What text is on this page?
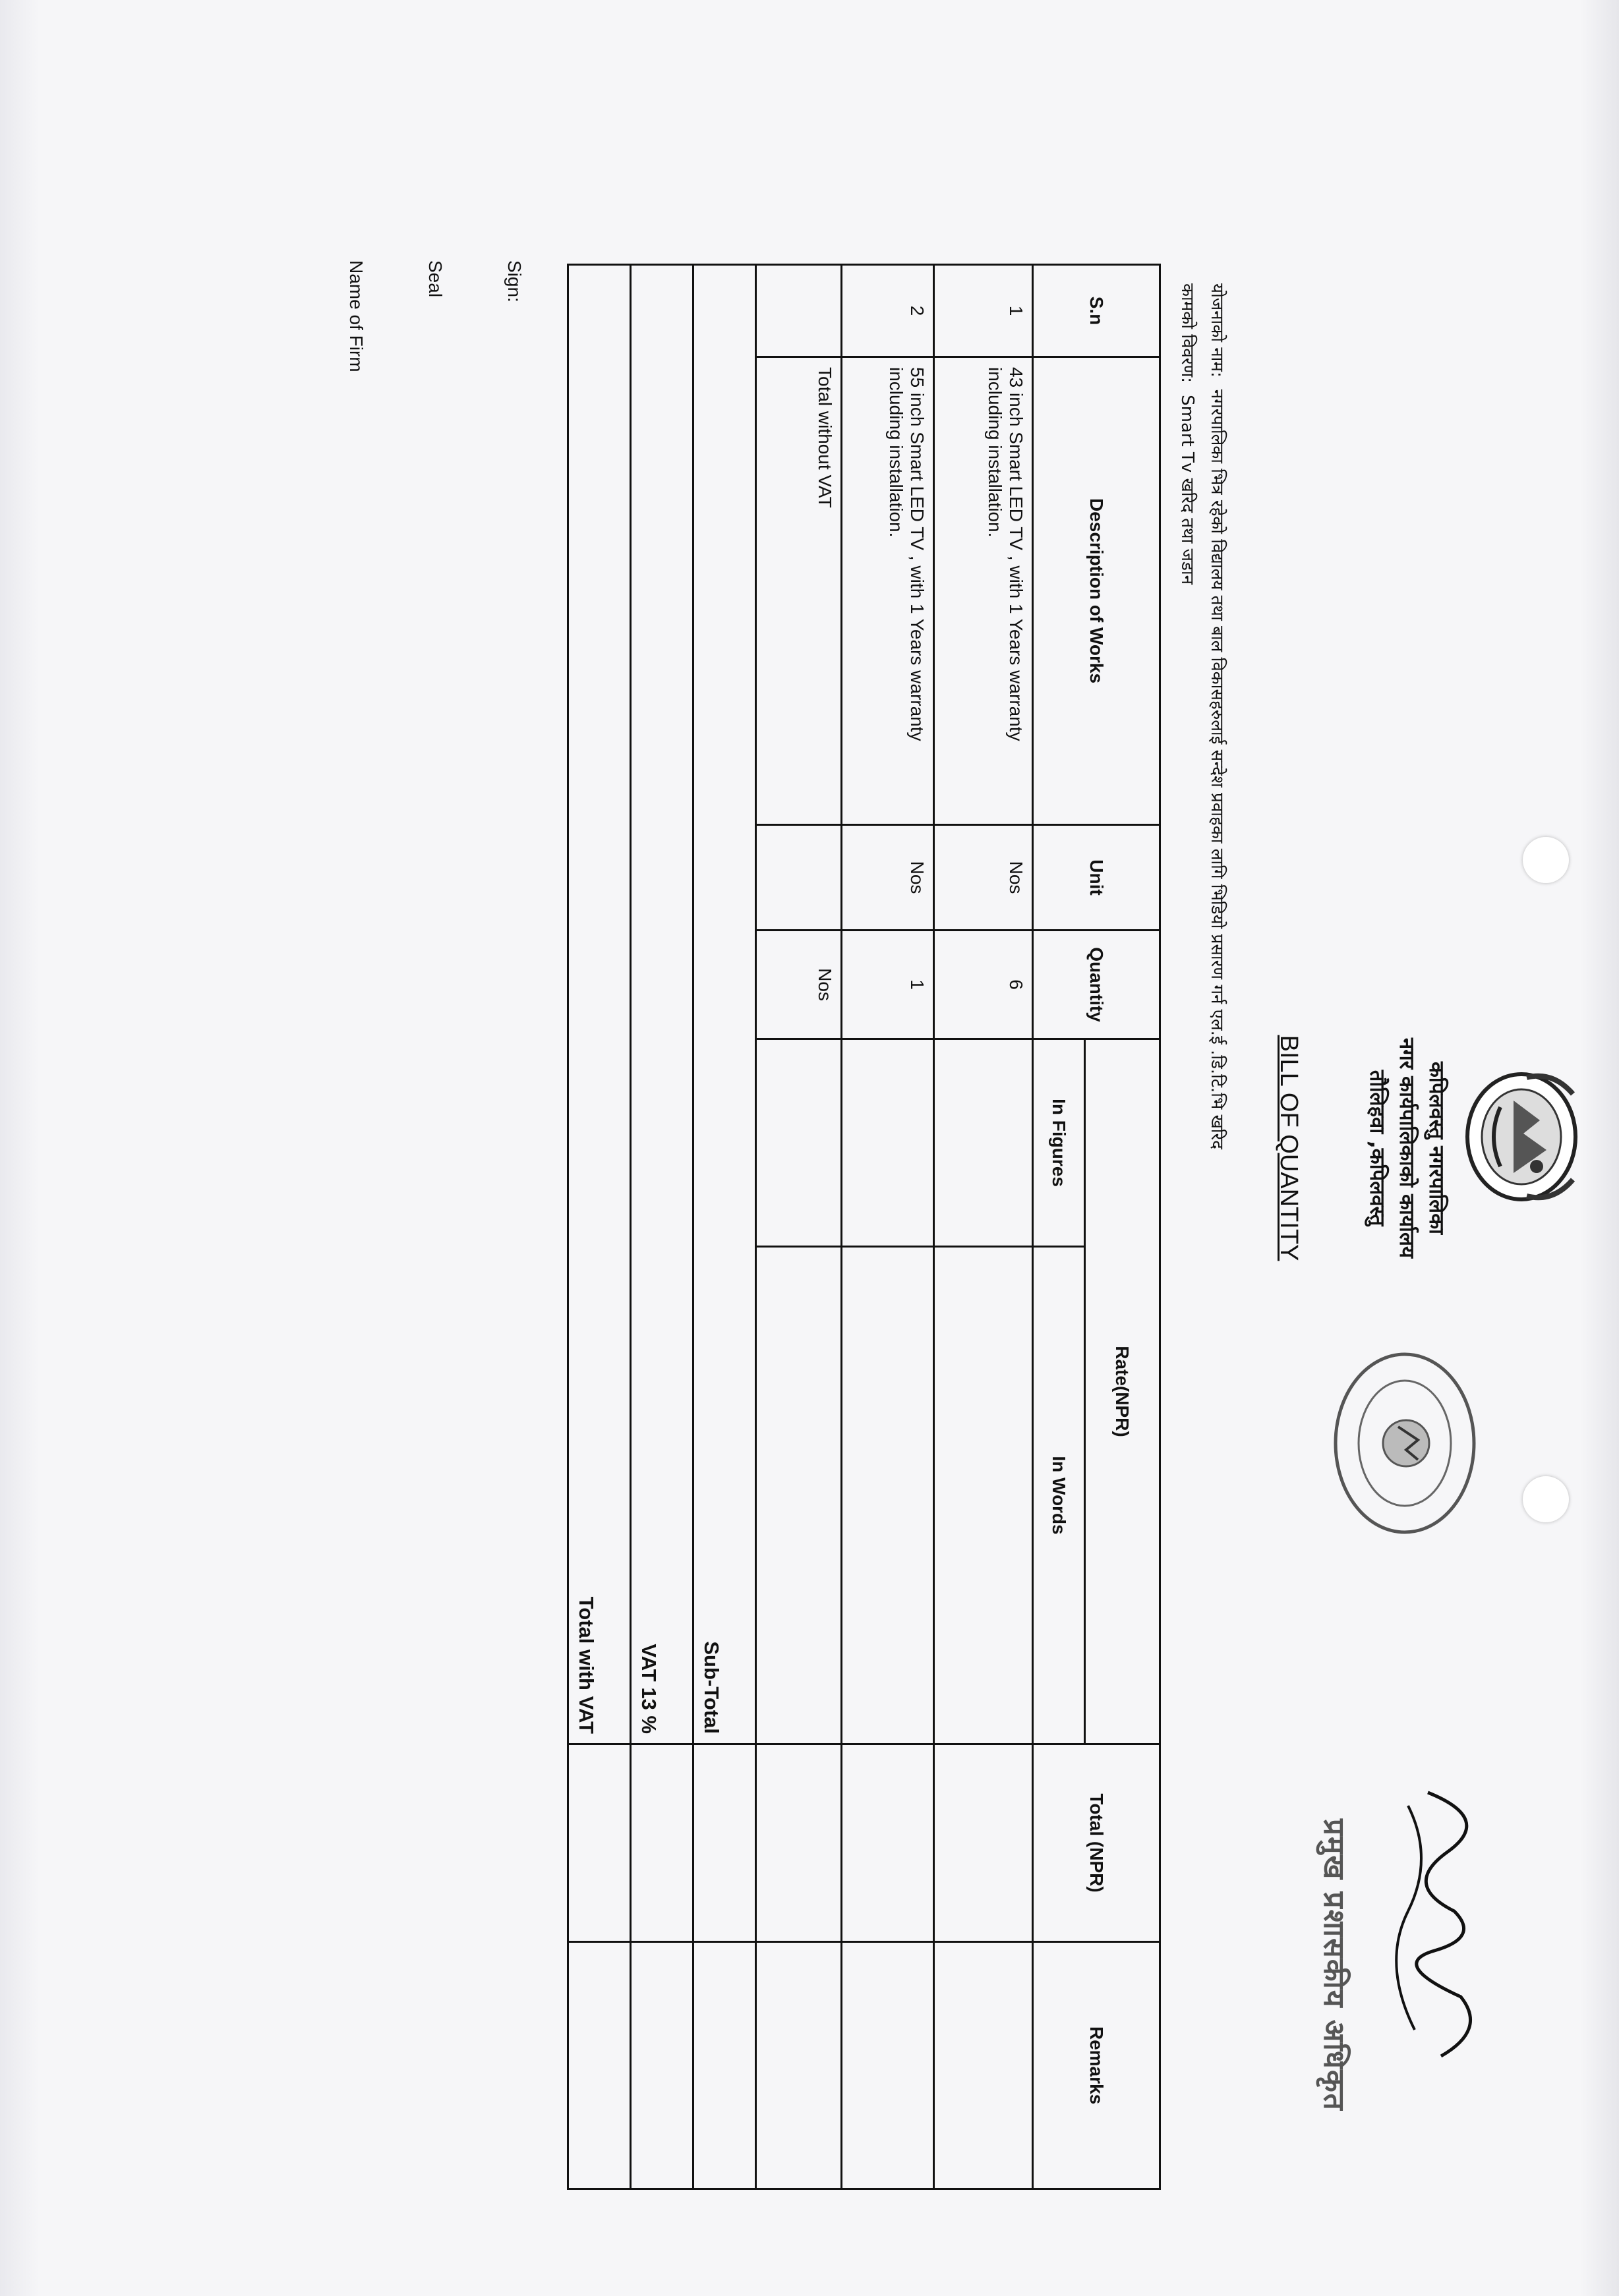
कपिलवस्तु नगरपालिका
नगर कार्यपालिकाको कार्यालय
तौलिहवा ,कपिलवस्तु
BILL OF QUANTITY
योजनाको नाम:नगरपालिका भित्र रहेको विद्यालय तथा बाल विकासहरुलाई सन्देश प्रवाहका लागि भिडियो प्रसारण गर्न एल.ई .डि.टि.भि खरिद
कामको विवरण:Smart Tv खरिद तथा जडान
प्रमुख प्रशासकीय अधिकृत
S.n	Description of Works	Unit	Quantity	Rate(NPR)		Total (NPR)	Remarks
				In Figures	In Words		
1	43 inch Smart LED TV , with 1 Years warranty including installation.	Nos	6				
2	55 inch Smart LED TV , with 1 Years warranty including installation.	Nos	1				
	Total without VAT		Nos				
Sub-Total							
VAT 13 %							
Total with VAT							
Sign:
Seal
Name of Firm
